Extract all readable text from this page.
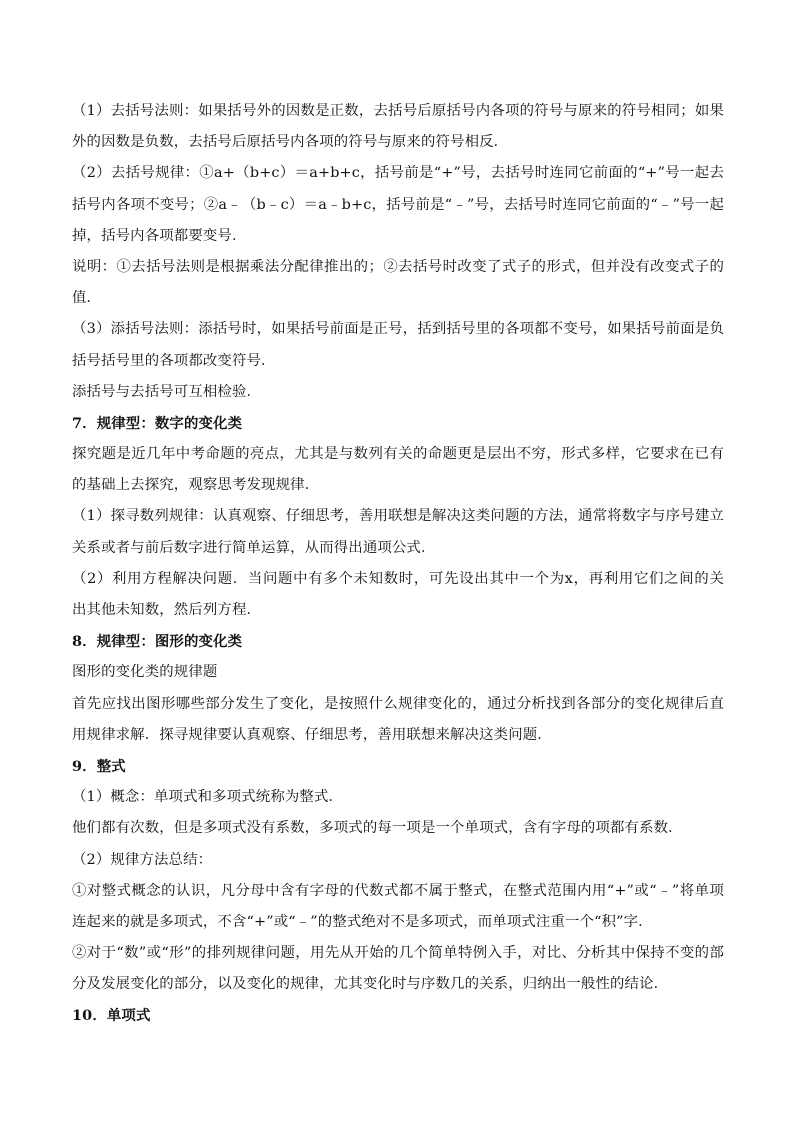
（1）去括号法则：如果括号外的因数是正数，去括号后原括号内各项的符号与原来的符号相同；如果
外的因数是负数，去括号后原括号内各项的符号与原来的符号相反．
（2）去括号规律：①a+（b+c）＝a+b+c，括号前是“+”号，去括号时连同它前面的“+”号一起去
括号内各项不变号；②a﹣（b﹣c）＝a﹣b+c，括号前是“﹣”号，去括号时连同它前面的“﹣”号一起
掉，括号内各项都要变号．
说明：①去括号法则是根据乘法分配律推出的；②去括号时改变了式子的形式，但并没有改变式子的
值．
（3）添括号法则：添括号时，如果括号前面是正号，括到括号里的各项都不变号，如果括号前面是负
括号括号里的各项都改变符号．
添括号与去括号可互相检验．
7．规律型：数字的变化类
探究题是近几年中考命题的亮点，尤其是与数列有关的命题更是层出不穷，形式多样，它要求在已有
的基础上去探究，观察思考发现规律．
（1）探寻数列规律：认真观察、仔细思考，善用联想是解决这类问题的方法，通常将数字与序号建立
关系或者与前后数字进行简单运算，从而得出通项公式．
（2）利用方程解决问题．当问题中有多个未知数时，可先设出其中一个为x，再利用它们之间的关
出其他未知数，然后列方程．
8．规律型：图形的变化类
图形的变化类的规律题
首先应找出图形哪些部分发生了变化，是按照什么规律变化的，通过分析找到各部分的变化规律后直
用规律求解．探寻规律要认真观察、仔细思考，善用联想来解决这类问题．
9．整式
（1）概念：单项式和多项式统称为整式．
他们都有次数，但是多项式没有系数，多项式的每一项是一个单项式，含有字母的项都有系数．
（2）规律方法总结：
①对整式概念的认识，凡分母中含有字母的代数式都不属于整式，在整式范围内用“+”或“﹣”将单项
连起来的就是多项式，不含“+”或“﹣”的整式绝对不是多项式，而单项式注重一个“积”字．
②对于“数”或“形”的排列规律问题，用先从开始的几个简单特例入手，对比、分析其中保持不变的部
分及发展变化的部分，以及变化的规律，尤其变化时与序数几的关系，归纳出一般性的结论．
10．单项式
